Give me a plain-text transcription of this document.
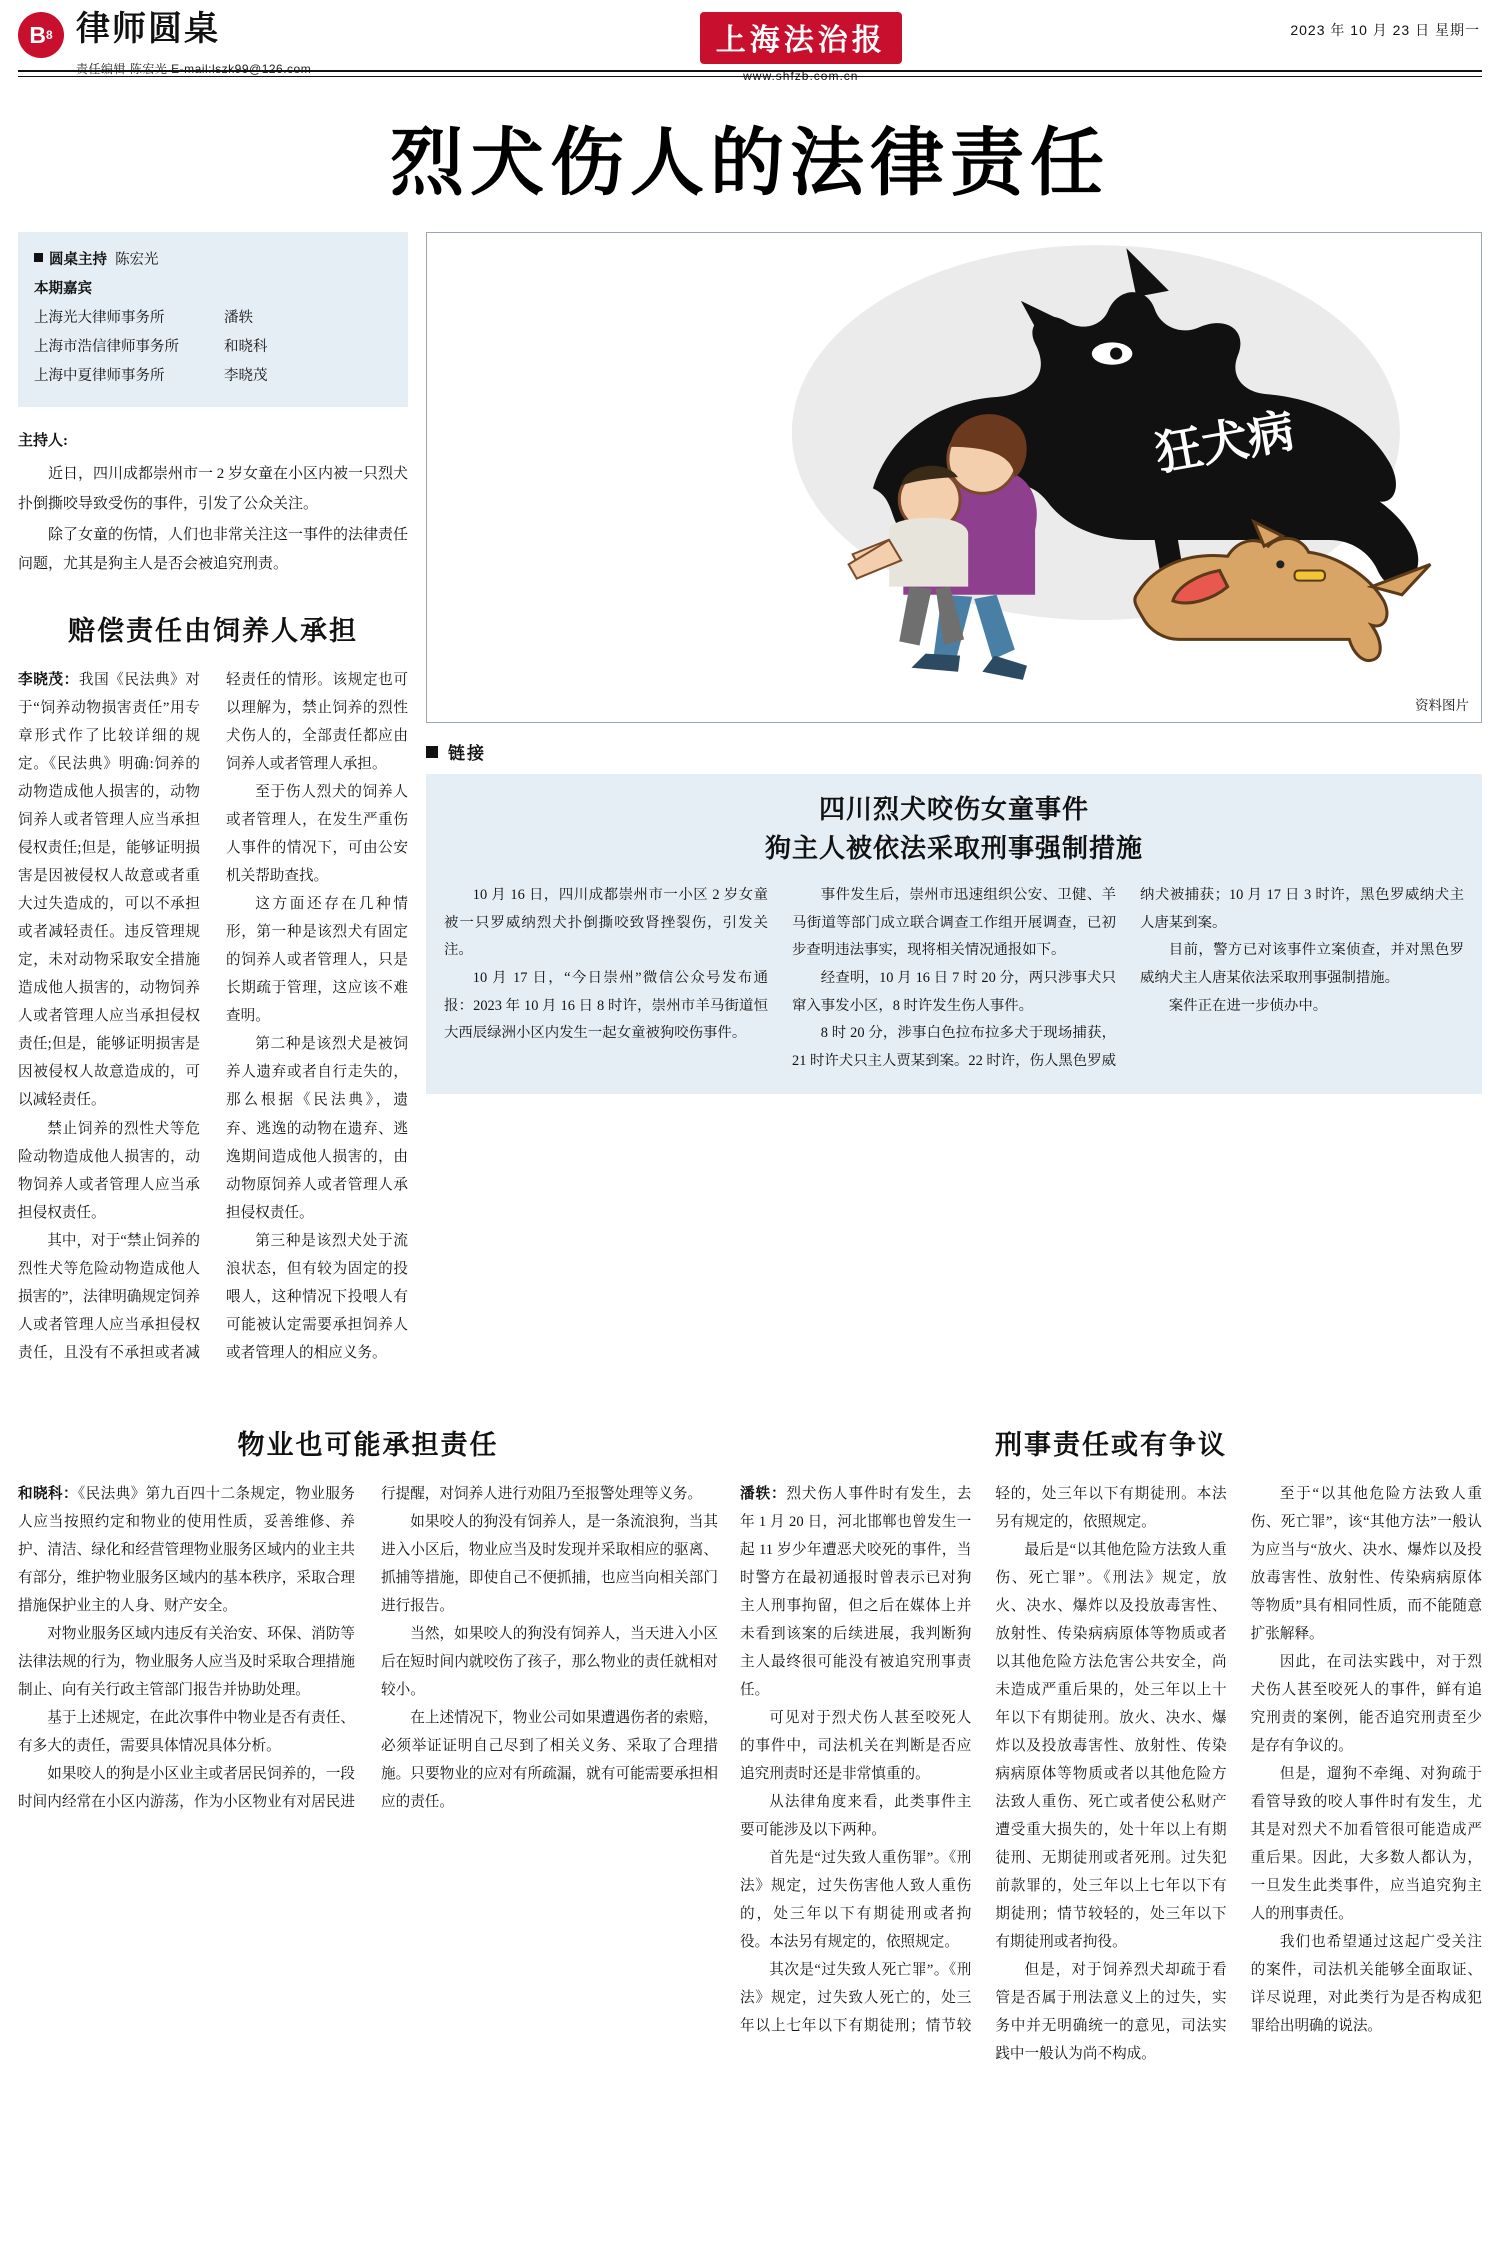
B 8 律师圆桌
责任编辑 陈宏光 E-mail:lszk99@126.com
上海法治报
www.shfzb.com.cn
2023 年 10 月 23 日 星期一
烈犬伤人的法律责任
圆桌主持 陈宏光
本期嘉宾
上海光大律师事务所	潘轶
上海市浩信律师事务所	和晓科
上海中夏律师事务所	李晓茂
主持人:

近日，四川成都崇州市一 2 岁女童在小区内被一只烈犬扑倒撕咬导致受伤的事件，引发了公众关注。

除了女童的伤情，人们也非常关注这一事件的法律责任问题，尤其是狗主人是否会被追究刑责。

赔偿责任由饲养人承担

李晓茂：我国《民法典》对于“饲养动物损害责任”用专章形式作了比较详细的规定。《民法典》明确:饲养的动物造成他人损害的，动物饲养人或者管理人应当承担侵权责任;但是，能够证明损害是因被侵权人故意或者重大过失造成的，可以不承担或者减轻责任。违反管理规定，未对动物采取安全措施造成他人损害的，动物饲养人或者管理人应当承担侵权责任;但是，能够证明损害是因被侵权人故意造成的，可以减轻责任。

禁止饲养的烈性犬等危险动物造成他人损害的，动物饲养人或者管理人应当承担侵权责任。

其中，对于“禁止饲养的烈性犬等危险动物造成他人损害的”，法律明确规定饲养人或者管理人应当承担侵权责任，且没有不承担或者减轻责任的情形。该规定也可以理解为，禁止饲养的烈性犬伤人的，全部责任都应由饲养人或者管理人承担。

至于伤人烈犬的饲养人或者管理人，在发生严重伤人事件的情况下，可由公安机关帮助查找。

这方面还存在几种情形，第一种是该烈犬有固定的饲养人或者管理人，只是长期疏于管理，这应该不难查明。

第二种是该烈犬是被饲养人遗弃或者自行走失的，那么根据《民法典》，遗弃、逃逸的动物在遗弃、逃逸期间造成他人损害的，由动物原饲养人或者管理人承担侵权责任。

第三种是该烈犬处于流浪状态，但有较为固定的投喂人，这种情况下投喂人有可能被认定需要承担饲养人或者管理人的相应义务。

狂犬病
资料图片
链接
四川烈犬咬伤女童事件
狗主人被依法采取刑事强制措施

10 月 16 日，四川成都崇州市一小区 2 岁女童被一只罗威纳烈犬扑倒撕咬致肾挫裂伤，引发关注。

10 月 17 日，“今日崇州”微信公众号发布通报：2023 年 10 月 16 日 8 时许，崇州市羊马街道恒大西辰绿洲小区内发生一起女童被狗咬伤事件。

事件发生后，崇州市迅速组织公安、卫健、羊马街道等部门成立联合调查工作组开展调查，已初步查明违法事实，现将相关情况通报如下。

经查明，10 月 16 日 7 时 20 分，两只涉事犬只窜入事发小区，8 时许发生伤人事件。

8 时 20 分，涉事白色拉布拉多犬于现场捕获，21 时许犬只主人贾某到案。22 时许，伤人黑色罗威纳犬被捕获；10 月 17 日 3 时许，黑色罗威纳犬主人唐某到案。

目前，警方已对该事件立案侦查，并对黑色罗威纳犬主人唐某依法采取刑事强制措施。

案件正在进一步侦办中。

物业也可能承担责任

和晓科：《民法典》第九百四十二条规定，物业服务人应当按照约定和物业的使用性质，妥善维修、养护、清洁、绿化和经营管理物业服务区域内的业主共有部分，维护物业服务区域内的基本秩序，采取合理措施保护业主的人身、财产安全。

对物业服务区域内违反有关治安、环保、消防等法律法规的行为，物业服务人应当及时采取合理措施制止、向有关行政主管部门报告并协助处理。

基于上述规定，在此次事件中物业是否有责任、有多大的责任，需要具体情况具体分析。

如果咬人的狗是小区业主或者居民饲养的，一段时间内经常在小区内游荡，作为小区物业有对居民进行提醒，对饲养人进行劝阻乃至报警处理等义务。

如果咬人的狗没有饲养人，是一条流浪狗，当其进入小区后，物业应当及时发现并采取相应的驱离、抓捕等措施，即使自己不便抓捕，也应当向相关部门进行报告。

当然，如果咬人的狗没有饲养人，当天进入小区后在短时间内就咬伤了孩子，那么物业的责任就相对较小。

在上述情况下，物业公司如果遭遇伤者的索赔，必须举证证明自己尽到了相关义务、采取了合理措施。只要物业的应对有所疏漏，就有可能需要承担相应的责任。

刑事责任或有争议

潘轶：烈犬伤人事件时有发生，去年 1 月 20 日，河北邯郸也曾发生一起 11 岁少年遭恶犬咬死的事件，当时警方在最初通报时曾表示已对狗主人刑事拘留，但之后在媒体上并未看到该案的后续进展，我判断狗主人最终很可能没有被追究刑事责任。

可见对于烈犬伤人甚至咬死人的事件中，司法机关在判断是否应追究刑责时还是非常慎重的。

从法律角度来看，此类事件主要可能涉及以下两种。

首先是“过失致人重伤罪”。《刑法》规定，过失伤害他人致人重伤的，处三年以下有期徒刑或者拘役。本法另有规定的，依照规定。

其次是“过失致人死亡罪”。《刑法》规定，过失致人死亡的，处三年以上七年以下有期徒刑；情节较轻的，处三年以下有期徒刑。本法另有规定的，依照规定。

最后是“以其他危险方法致人重伤、死亡罪”。《刑法》规定，放火、决水、爆炸以及投放毒害性、放射性、传染病病原体等物质或者以其他危险方法危害公共安全，尚未造成严重后果的，处三年以上十年以下有期徒刑。放火、决水、爆炸以及投放毒害性、放射性、传染病病原体等物质或者以其他危险方法致人重伤、死亡或者使公私财产遭受重大损失的，处十年以上有期徒刑、无期徒刑或者死刑。过失犯前款罪的，处三年以上七年以下有期徒刑；情节较轻的，处三年以下有期徒刑或者拘役。

但是，对于饲养烈犬却疏于看管是否属于刑法意义上的过失，实务中并无明确统一的意见，司法实践中一般认为尚不构成。

至于“以其他危险方法致人重伤、死亡罪”，该“其他方法”一般认为应当与“放火、决水、爆炸以及投放毒害性、放射性、传染病病原体等物质”具有相同性质，而不能随意扩张解释。

因此，在司法实践中，对于烈犬伤人甚至咬死人的事件，鲜有追究刑责的案例，能否追究刑责至少是存有争议的。

但是，遛狗不牵绳、对狗疏于看管导致的咬人事件时有发生，尤其是对烈犬不加看管很可能造成严重后果。因此，大多数人都认为，一旦发生此类事件，应当追究狗主人的刑事责任。

我们也希望通过这起广受关注的案件，司法机关能够全面取证、详尽说理，对此类行为是否构成犯罪给出明确的说法。
